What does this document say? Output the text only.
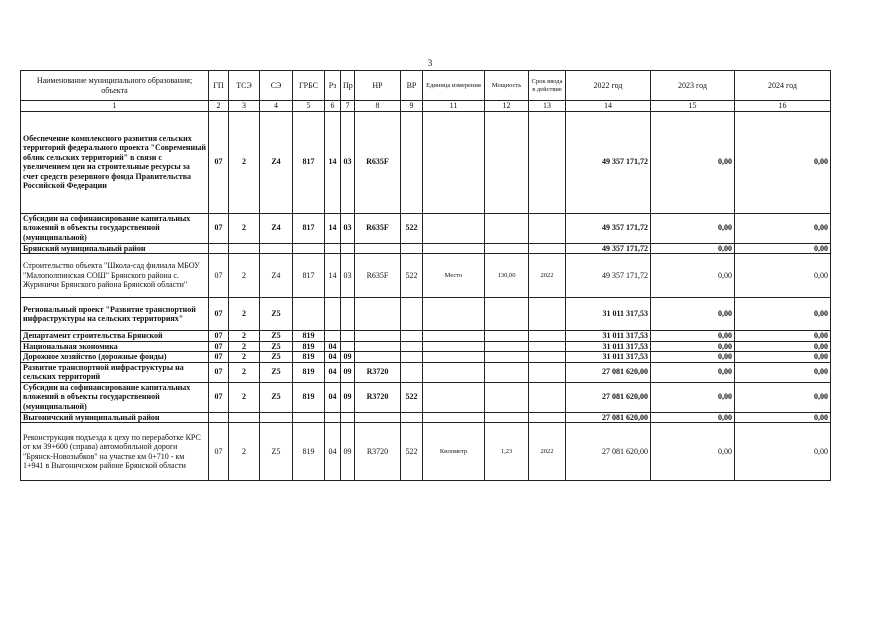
3
Наименование муниципального образования; объекта	ГП	ТСЭ	СЭ	ГРБС	Рз	Пр	НР	ВР	Единица измерения	Мощность	Срок ввода в действие	2022 год	2023 год	2024 год
1	2	3	4	5	6	7	8	9	11	12	13	14	15	16
Обеспечение комплексного развития сельских территорий федерального проекта "Современный облик сельских территорий" в связи с увеличением цен на строительные ресурсы за счет средств резервного фонда Правительства Российской Федерации	07	2	Z4	817	14	03	R635F					49 357 171,72	0,00	0,00
Субсидии на софинансирование капитальных вложений в объекты государственной (муниципальной)	07	2	Z4	817	14	03	R635F	522				49 357 171,72	0,00	0,00
Брянский муниципальный район												49 357 171,72	0,00	0,00
Строительство объекта "Школа-сад филиала МБОУ "Малополпинская СОШ" Брянского района с. Журиничи Брянского района Брянской области"	07	2	Z4	817	14	03	R635F	522	Место	130,00	2022	49 357 171,72	0,00	0,00
Региональный проект "Развитие транспортной инфраструктуры на сельских территориях"	07	2	Z5									31 011 317,53	0,00	0,00
Департамент строительства Брянской	07	2	Z5	819								31 011 317,53	0,00	0,00
Национальная экономика	07	2	Z5	819	04							31 011 317,53	0,00	0,00
Дорожное хозяйство (дорожные фонды)	07	2	Z5	819	04	09						31 011 317,53	0,00	0,00
Развитие транспортной инфраструктуры на сельских территорий	07	2	Z5	819	04	09	R3720					27 081 620,00	0,00	0,00
Субсидии на софинансирование капитальных вложений в объекты государственной (муниципальной)	07	2	Z5	819	04	09	R3720	522				27 081 620,00	0,00	0,00
Выгоничский муниципальный район												27 081 620,00	0,00	0,00
Реконструкция подъезда к цеху по переработке КРС от км 39+600 (справа) автомобильной дороги "Брянск-Новозыбков" на участке км 0+710 - км 1+941 в Выгоничском районе Брянской области	07	2	Z5	819	04	09	R3720	522	Километр	1,23	2022	27 081 620,00	0,00	0,00
